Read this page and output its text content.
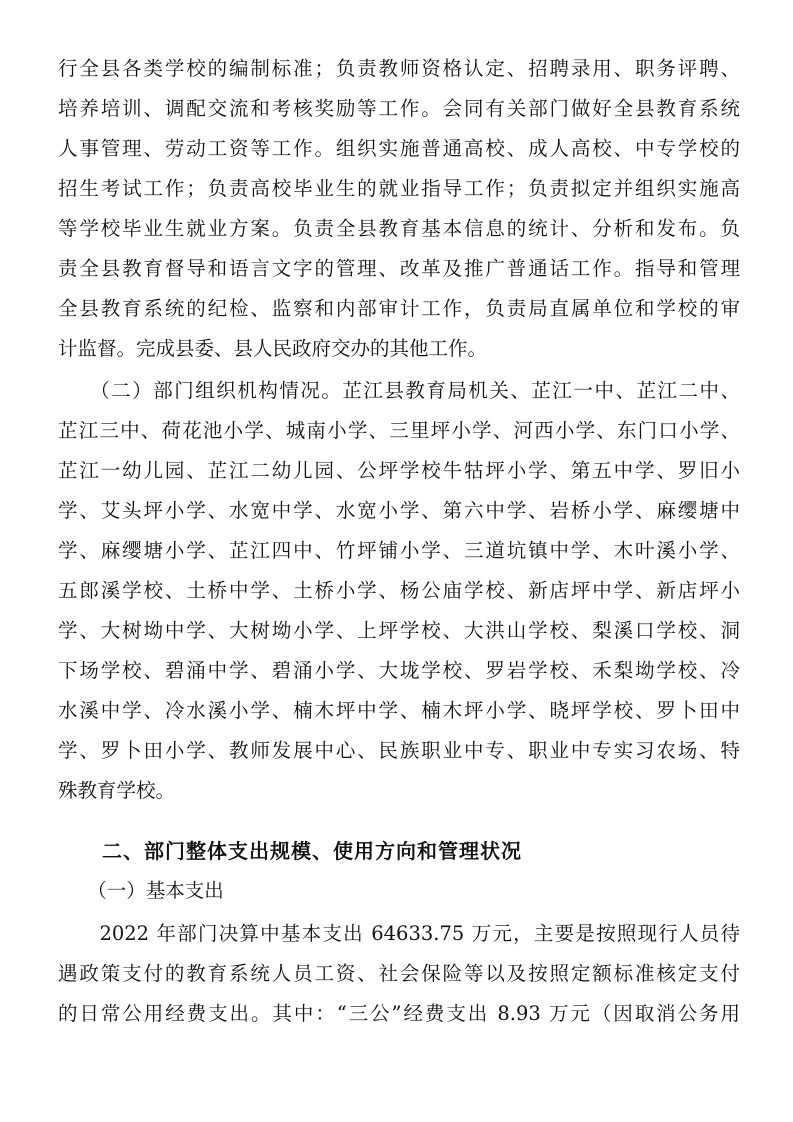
行全县各类学校的编制标准；负责教师资格认定、招聘录用、职务评聘、
培养培训、调配交流和考核奖励等工作。会同有关部门做好全县教育系统
人事管理、劳动工资等工作。组织实施普通高校、成人高校、中专学校的
招生考试工作；负责高校毕业生的就业指导工作；负责拟定并组织实施高
等学校毕业生就业方案。负责全县教育基本信息的统计、分析和发布。负
责全县教育督导和语言文字的管理、改革及推广普通话工作。指导和管理
全县教育系统的纪检、监察和内部审计工作，负责局直属单位和学校的审
计监督。完成县委、县人民政府交办的其他工作。
　　（二）部门组织机构情况。芷江县教育局机关、芷江一中、芷江二中、
芷江三中、荷花池小学、城南小学、三里坪小学、河西小学、东门口小学、
芷江一幼儿园、芷江二幼儿园、公坪学校牛牯坪小学、第五中学、罗旧小
学、艾头坪小学、水宽中学、水宽小学、第六中学、岩桥小学、麻缨塘中
学、麻缨塘小学、芷江四中、竹坪铺小学、三道坑镇中学、木叶溪小学、
五郎溪学校、土桥中学、土桥小学、杨公庙学校、新店坪中学、新店坪小
学、大树坳中学、大树坳小学、上坪学校、大洪山学校、梨溪口学校、洞
下场学校、碧涌中学、碧涌小学、大垅学校、罗岩学校、禾梨坳学校、冷
水溪中学、冷水溪小学、楠木坪中学、楠木坪小学、晓坪学校、罗卜田中
学、罗卜田小学、教师发展中心、民族职业中专、职业中专实习农场、特
殊教育学校。
二、部门整体支出规模、使用方向和管理状况
　　（一）基本支出
　　2022 年部门决算中基本支出 64633.75 万元，主要是按照现行人员待
遇政策支付的教育系统人员工资、社会保险等以及按照定额标准核定支付
的日常公用经费支出。其中：“三公”经费支出 8.93 万元（因取消公务用
